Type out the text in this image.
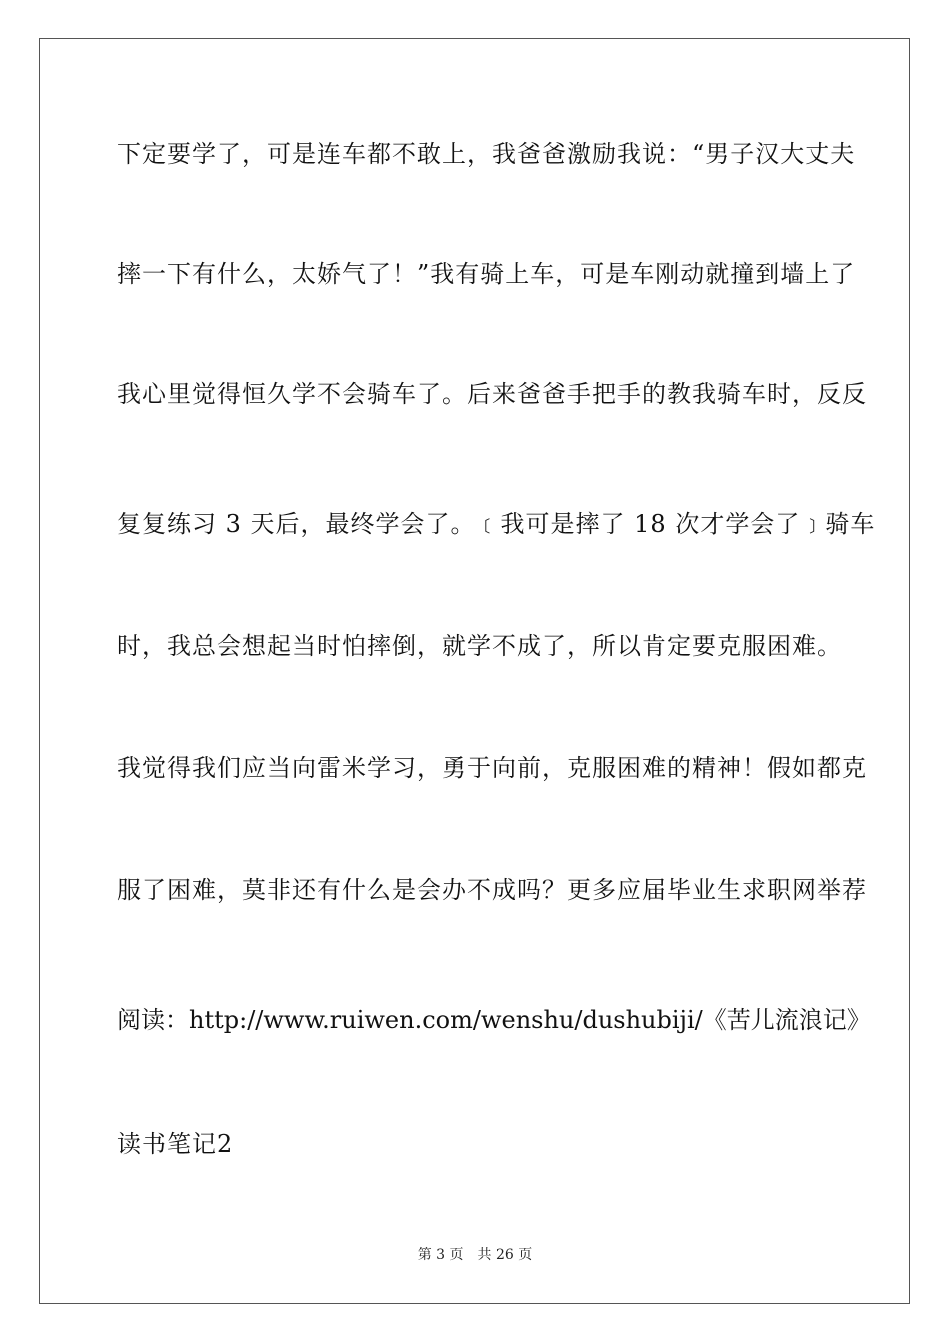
下定要学了，可是连车都不敢上，我爸爸激励我说：“男子汉大丈夫
摔一下有什么，太娇气了！”我有骑上车，可是车刚动就撞到墙上了
我心里觉得恒久学不会骑车了。后来爸爸手把手的教我骑车时，反反
复复练习 3 天后，最终学会了。﹝我可是摔了 18 次才学会了﹞骑车
时，我总会想起当时怕摔倒，就学不成了，所以肯定要克服困难。
我觉得我们应当向雷米学习，勇于向前，克服困难的精神！假如都克
服了困难，莫非还有什么是会办不成吗？更多应届毕业生求职网举荐
阅读：http://www.ruiwen.com/wenshu/dushubiji/《苦儿流浪记》
读书笔记2
第 3 页 共 26 页
